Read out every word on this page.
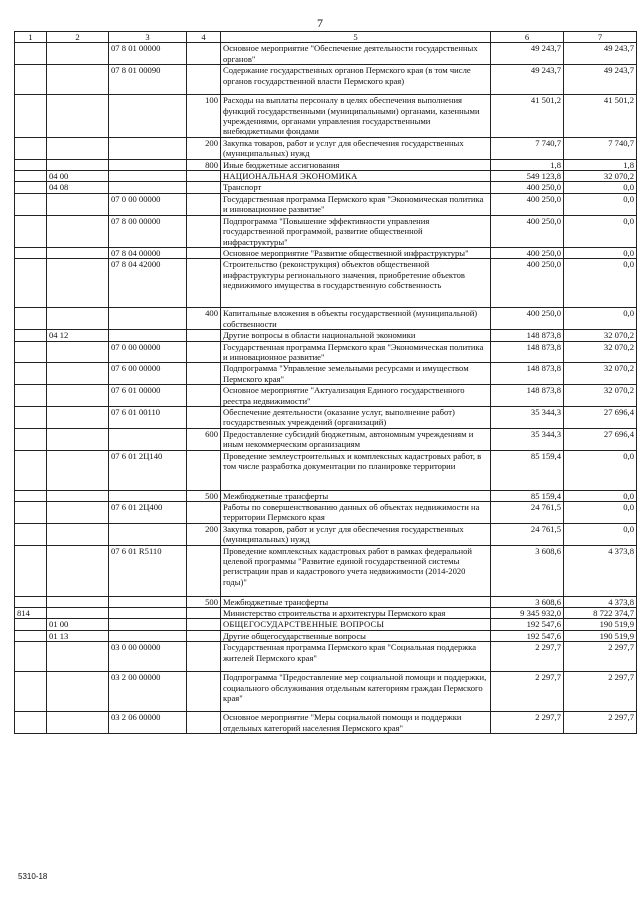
7
1	2	3	4	5	6	7
		07 8 01 00000		Основное мероприятие "Обеспечение деятельности государственных органов"	49 243,7	49 243,7
		07 8 01 00090		Содержание государственных органов Пермского края (в том числе органов государственной власти Пермского края)	49 243,7	49 243,7
			100	Расходы на выплаты персоналу в целях обеспечения выполнения функций государственными (муниципальными) органами, казенными учреждениями, органами управления государственными внебюджетными фондами	41 501,2	41 501,2
			200	Закупка товаров, работ и услуг для обеспечения государственных (муниципальных) нужд	7 740,7	7 740,7
			800	Иные бюджетные ассигнования	1,8	1,8
	04 00			НАЦИОНАЛЬНАЯ ЭКОНОМИКА	549 123,8	32 070,2
	04 08			Транспорт	400 250,0	0,0
		07 0 00 00000		Государственная программа Пермского края "Экономическая политика и инновационное развитие"	400 250,0	0,0
		07 8 00 00000		Подпрограмма "Повышение эффективности управления государственной программой, развитие общественной инфраструктуры"	400 250,0	0,0
		07 8 04 00000		Основное мероприятие "Развитие общественной инфраструктуры"	400 250,0	0,0
		07 8 04 42000		Строительство (реконструкция) объектов общественной инфраструктуры регионального значения, приобретение объектов недвижимого имущества в государственную собственность	400 250,0	0,0
			400	Капитальные вложения в объекты государственной (муниципальной) собственности	400 250,0	0,0
	04 12			Другие вопросы в области национальной экономики	148 873,8	32 070,2
		07 0 00 00000		Государственная программа Пермского края "Экономическая политика и инновационное развитие"	148 873,8	32 070,2
		07 6 00 00000		Подпрограмма "Управление земельными ресурсами и имуществом Пермского края"	148 873,8	32 070,2
		07 6 01 00000		Основное мероприятие "Актуализация Единого государственного реестра недвижимости"	148 873,8	32 070,2
		07 6 01 00110		Обеспечение деятельности (оказание услуг, выполнение работ) государственных учреждений (организаций)	35 344,3	27 696,4
			600	Предоставление субсидий бюджетным, автономным учреждениям и иным некоммерческим организациям	35 344,3	27 696,4
		07 6 01 2Ц140		Проведение землеустроительных и комплексных кадастровых работ, в том числе разработка документации по планировке территории	85 159,4	0,0
			500	Межбюджетные трансферты	85 159,4	0,0
		07 6 01 2Ц400		Работы по совершенствованию данных об объектах недвижимости на территории Пермского края	24 761,5	0,0
			200	Закупка товаров, работ и услуг для обеспечения государственных (муниципальных) нужд	24 761,5	0,0
		07 6 01 R5110		Проведение комплексных кадастровых работ в рамках федеральной целевой программы "Развитие единой государственной системы регистрации прав и кадастрового учета недвижимости (2014-2020 годы)"	3 608,6	4 373,8
			500	Межбюджетные трансферты	3 608,6	4 373,8
814				Министерство строительства и архитектуры Пермского края	9 345 932,0	8 722 374,7
	01 00			ОБЩЕГОСУДАРСТВЕННЫЕ ВОПРОСЫ	192 547,6	190 519,9
	01 13			Другие общегосударственные вопросы	192 547,6	190 519,9
		03 0 00 00000		Государственная программа Пермского края "Социальная поддержка жителей Пермского края"	2 297,7	2 297,7
		03 2 00 00000		Подпрограмма "Предоставление мер социальной помощи и поддержки, социального обслуживания отдельным категориям граждан Пермского края"	2 297,7	2 297,7
		03 2 06 00000		Основное мероприятие "Меры социальной помощи и поддержки отдельных категорий населения Пермского края"	2 297,7	2 297,7
5310-18
